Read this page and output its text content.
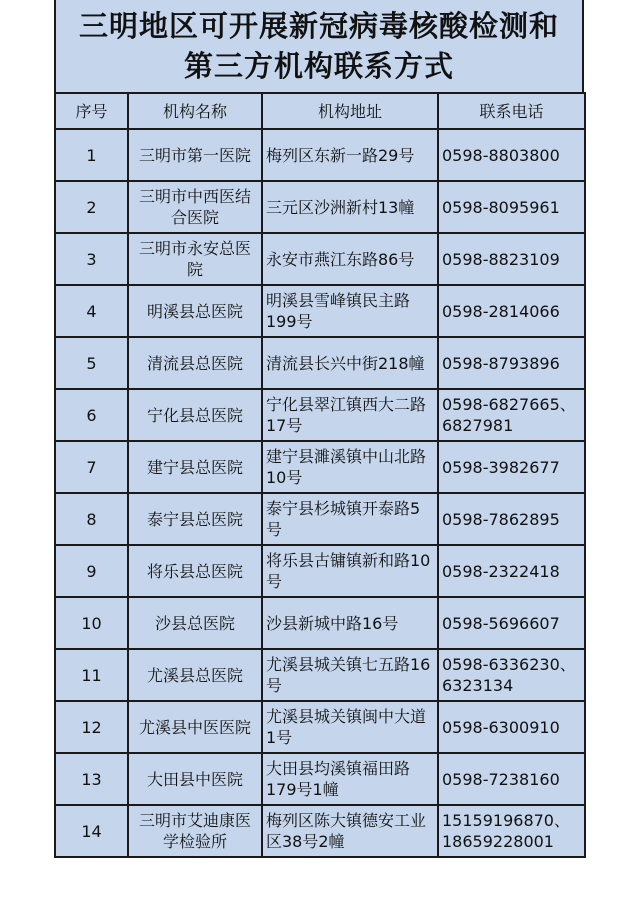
三明地区可开展新冠病毒核酸检测和
第三方机构联系方式
序号	机构名称	机构地址	联系电话
1	三明市第一医院	梅列区东新一路29号	0598-8803800
2	三明市中西医结合医院	三元区沙洲新村13幢	0598-8095961
3	三明市永安总医院	永安市燕江东路86号	0598-8823109
4	明溪县总医院	明溪县雪峰镇民主路199号	0598-2814066
5	清流县总医院	清流县长兴中街218幢	0598-8793896
6	宁化县总医院	宁化县翠江镇西大二路17号	0598-6827665、6827981
7	建宁县总医院	建宁县濉溪镇中山北路10号	0598-3982677
8	泰宁县总医院	泰宁县杉城镇开泰路5号	0598-7862895
9	将乐县总医院	将乐县古镛镇新和路10号	0598-2322418
10	沙县总医院	沙县新城中路16号	0598-5696607
11	尤溪县总医院	尤溪县城关镇七五路16号	0598-6336230、6323134
12	尤溪县中医医院	尤溪县城关镇闽中大道1号	0598-6300910
13	大田县中医院	大田县均溪镇福田路179号1幢	0598-7238160
14	三明市艾迪康医学检验所	梅列区陈大镇德安工业区38号2幢	15159196870、18659228001
